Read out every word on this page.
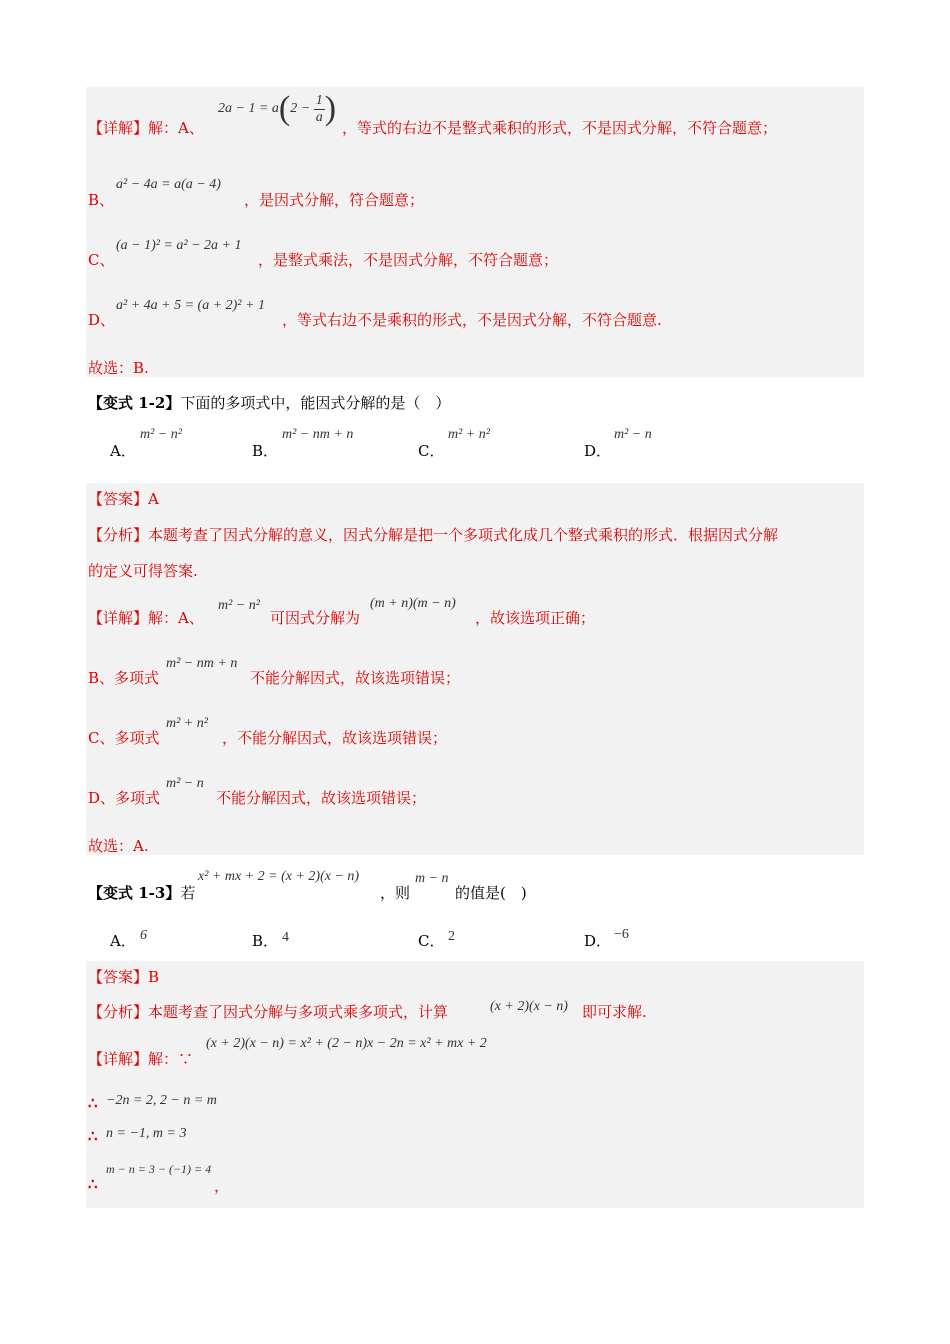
【详解】解：A、
$2a - 1 = a(2 - \frac{1}{a}$ )
，等式的右边不是整式乘积的形式，不是因式分解，不符合题意；
B、
a² − 4a = a(a − 4)
，是因式分解，符合题意；
C、
(a − 1)² = a² − 2a + 1
，是整式乘法，不是因式分解，不符合题意；
D、
a² + 4a + 5 = (a + 2)² + 1
，等式右边不是乘积的形式，不是因式分解，不符合题意.
故选：B.
【变式 1-2】下面的多项式中，能因式分解的是（　）
A．
m² − n²
B．
m² − nm + n
C．
m² + n²
D．
m² − n
【答案】A
【分析】本题考查了因式分解的意义，因式分解是把一个多项式化成几个整式乘积的形式．根据因式分解
的定义可得答案.
【详解】解：A、
m² − n²
可因式分解为
(m + n)(m − n)
，故该选项正确；
B、多项式
m² − nm + n
不能分解因式，故该选项错误；
C、多项式
m² + n²
，不能分解因式，故该选项错误；
D、多项式
m² − n
不能分解因式，故该选项错误；
故选：A.
【变式 1-3】若
x² + mx + 2 = (x + 2)(x − n)
，则
m − n
的值是(　)
A． 6	B． 4	C． 2	D． −6
【答案】B
【分析】本题考查了因式分解与多项式乘多项式，计算	(x + 2)(x − n) 即可求解.
【详解】解：∵
(x + 2)(x − n) = x² + (2 − n)x − 2n = x² + mx + 2
∴ −2n = 2, 2 − n = m
∴ n = −1, m = 3
∴
m − n = 3 − (−1) = 4
，
